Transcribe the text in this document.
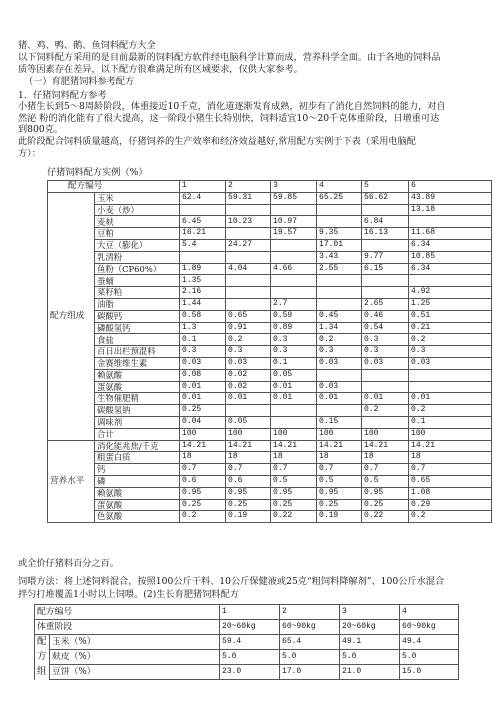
猪、鸡、鸭、鹅、鱼饲料配方大全
以下饲料配方采用的是目前最新的饲料配方软件经电脑科学计算而成，营养科学全面。由于各地的饲料品
质等因素存在差异，以下配方很难满足所有区域要求，仅供大家参考。
（一）育肥猪饲料参考配方
1．仔猪饲料配方参考
小猪生长到5～8周龄阶段，体重接近10千克，消化道逐渐发育成熟，初步有了消化自然饲料的能力，对自
然泌 粉的消化能有了很大提高，这一阶段小猪生长特别快，饲料适宜10～20千克体重阶段，日增重可达
到800克。
此阶段配合饲料质量越高，仔猪饲养的生产效率和经济效益越好,常用配方实例于下表（采用电脑配
方）：
仔猪饲料配方实例（%）
配方编号		1	2	3	4	5	6
配方组成	玉米	62.4	59.31	59.85	65.25	56.62	43.89
	小麦（炒）						13.18
	麦麸	6.45	10.23	10.97		6.84	
	豆粕	16.21		19.57	9.35	16.13	11.68
	大豆（膨化）	5.4	24.27		17.01		6.34
	乳清粉				3.43	9.77	10.85
	鱼粉（CP60%）	1.89	4.04	4.66	2.55	6.15	6.34
	蚕蛹	1.35					
	菜籽粕	2.16					4.92
	油脂	1.44		2.7		2.65	1.25
	碳酸钙	0.58	0.65	0.59	0.45	0.46	0.51
	磷酸氢钙	1.3	0.91	0.89	1.34	0.54	0.21
	食盐	0.1	0.2	0.3	0.2	0.3	0.2
	百日出栏预混料	0.3	0.3	0.3	0.3	0.3	0.3
	金赛维维生素	0.03	0.03	0.1	0.03	0.03	0.03
	赖氨酸	0.08	0.02	0.05			
	蛋氨酸	0.01	0.02	0.01	0.03		
	生物催肥精	0.01	0.01	0.01	0.01	0.01	0.01
	碳酸氢钠	0.25				0.2	0.2
	调味剂	0.04	0.05		0.15		0.1
	合计	100	100	100	100	100	100
营养水平	消化能兆焦/千克	14.21	14.21	14.21	14.21	14.21	14.21
	粗蛋白质	18	18	18	18	18	18
	钙	0.7	0.7	0.7	0.7	0.7	0.7
	磷	0.6	0.6	0.5	0.5	0.5	0.65
	赖氨酸	0.95	0.95	0.95	0.95	0.95	1.08
	蛋氨酸	0.25	0.25	0.25	0.25	0.25	0.29
	色氨酸	0.2	0.19	0.22	0.19	0.22	0.2
或全价仔猪料百分之百。
饲喂方法：将上述饲料混合，按照100公斤干料、10公斤保健液或25克“粗饲料降解剂”、100公斤水混合
拌匀打堆覆盖1小时以上饲喂。(2)生长育肥猪饲料配方
配方编号		1	2	3	4
体重阶段		20~60kg	60~90kg	20~60kg	60~90kg
配	玉米（%）	59.4	65.4	49.1	49.4
方	麸皮（%）	5.0	5.0	5.0	5.0
组	豆饼（%）	23.0	17.0	21.0	15.0
